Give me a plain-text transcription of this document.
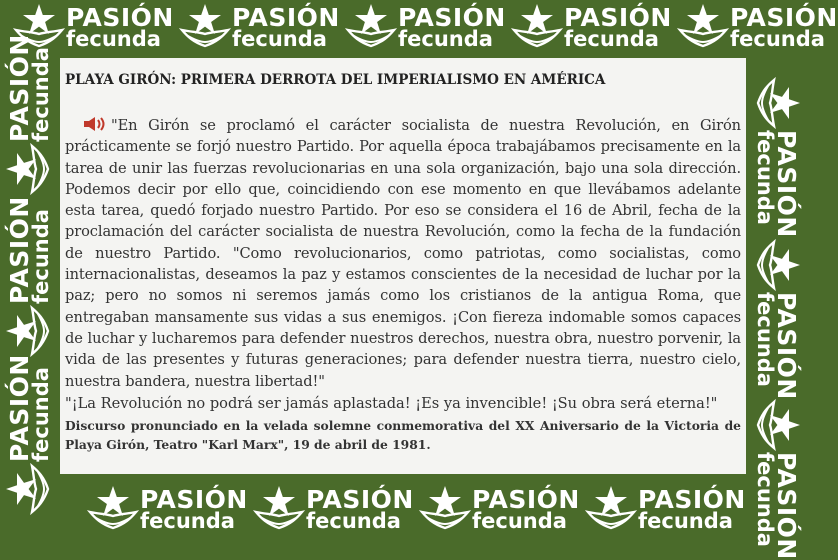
PASIÓN
fecunda
PASIÓN
fecunda
PASIÓN
fecunda
PASIÓN
fecunda
PASIÓN
fecunda
PASIÓN
fecunda
PASIÓN
fecunda
PASIÓN
fecunda
PASIÓN
fecunda
PASIÓN
fecunda
PASIÓN
fecunda
PASIÓN
fecunda
PASIÓN
fecunda
PASIÓN
fecunda
PASIÓN
fecunda

PLAYA GIRÓN: PRIMERA DERROTA DEL IMPERIALISMO EN AMÉRICA

"En Girón se proclamó el carácter socialista de nuestra Revolución, en Girón prácticamente se forjó nuestro Partido. Por aquella época trabajábamos precisamente en la tarea de unir las fuerzas revolucionarias en una sola organización, bajo una sola dirección. Podemos decir por ello que, coincidiendo con ese momento en que llevábamos adelante esta tarea, quedó forjado nuestro Partido. Por eso se considera el 16 de Abril, fecha de la proclamación del carácter socialista de nuestra Revolución, como la fecha de la fundación de nuestro Partido. "Como revolucionarios, como patriotas, como socialistas, como internacionalistas, deseamos la paz y estamos conscientes de la necesidad de luchar por la paz; pero no somos ni seremos jamás como los cristianos de la antigua Roma, que entregaban mansamente sus vidas a sus enemigos. ¡Con fiereza indomable somos capaces de luchar y lucharemos para defender nuestros derechos, nuestra obra, nuestro porvenir, la vida de las presentes y futuras generaciones; para defender nuestra tierra, nuestro cielo, nuestra bandera, nuestra libertad!"

"¡La Revolución no podrá ser jamás aplastada! ¡Es ya invencible! ¡Su obra será eterna!"

Discurso pronunciado en la velada solemne conmemorativa del XX Aniversario de la Victoria de Playa Girón, Teatro "Karl Marx", 19 de abril de 1981.
